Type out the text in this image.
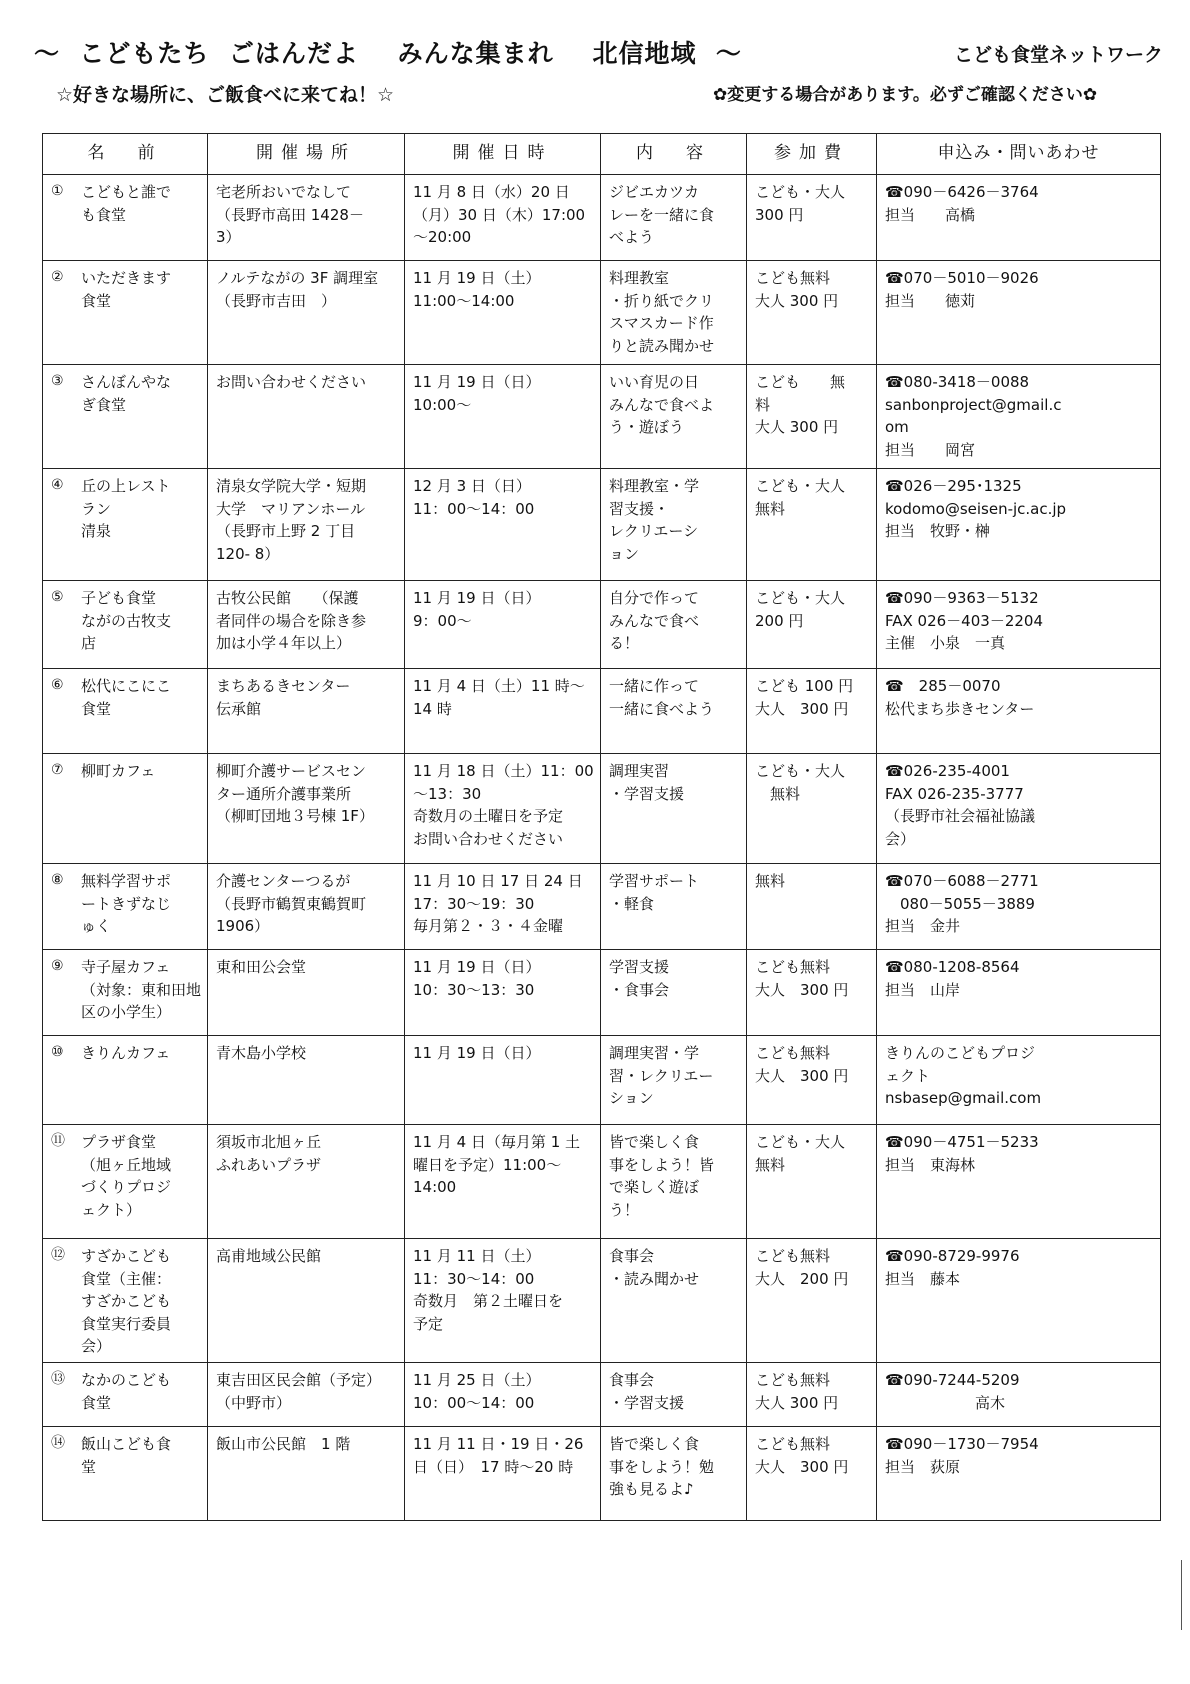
～  こどもたち  ごはんだよ    みんな集まれ    北信地域  ～	こども食堂ネットワーク
☆好きな場所に、ご飯食べに来てね！☆	✿変更する場合があります。必ずご確認ください✿
名　前	開催場所	開催日時	内　容	参加費	申込み・問いあわせ
① こどもと誰で
も食堂	宅老所おいでなして
（長野市高田 1428－
3）	11 月 8 日（水）20 日
（月）30 日（木）17:00
～20:00	ジビエカツカ
レーを一緒に食
べよう	こども・大人
300 円	☎090－6426－3764
担当　　高橋

② いただきます
食堂	ノルテながの 3F 調理室
（長野市吉田　）	11 月 19 日（土）
11:00～14:00	料理教室
・折り紙でクリ
スマスカード作
りと読み聞かせ	こども無料
大人 300 円	☎070－5010－9026
担当　　徳苅

③ さんぼんやな
ぎ食堂	お問い合わせください	11 月 19 日（日）
10:00～	いい育児の日
みんなで食べよ
う・遊ぼう	こども　　無
料
大人 300 円	☎080-3418－0088
sanbonproject@gmail.c
om
担当　　岡宮

④ 丘の上レスト
ラン
清泉	清泉女学院大学・短期
大学　マリアンホール
（長野市上野 2 丁目
120- 8）	12 月 3 日（日）
11：00～14：00	料理教室・学
習支援・
レクリエーシ
ョン	こども・大人
無料	☎026－295･1325
kodomo@seisen-jc.ac.jp
担当　牧野・榊

⑤ 子ども食堂
ながの古牧支
店	古牧公民館　　（保護
者同伴の場合を除き参
加は小学４年以上）	11 月 19 日（日）
9：00～	自分で作って
みんなで食べ
る！	こども・大人
200 円	☎090－9363－5132
FAX 026－403－2204
主催　小泉　一真

⑥ 松代にこにこ
食堂	まちあるきセンター
伝承館	11 月 4 日（土）11 時～
14 時	一緒に作って
一緒に食べよう	こども 100 円
大人　300 円	☎　285－0070
松代まち歩きセンター

⑦ 柳町カフェ	柳町介護サービスセン
ター通所介護事業所
（柳町団地３号棟 1F）	11 月 18 日（土）11：00
～13：30
奇数月の土曜日を予定
お問い合わせください	調理実習
・学習支援	こども・大人
　無料	☎026-235-4001
FAX 026-235-3777
（長野市社会福祉協議
会）

⑧ 無料学習サポ
ートきずなじ
ゅく	介護センターつるが
（長野市鶴賀東鶴賀町
1906）	11 月 10 日 17 日 24 日
17：30～19：30
毎月第２・３・４金曜	学習サポート
・軽食	無料	☎070－6088－2771
　080－5055－3889
担当　金井

⑨ 寺子屋カフェ
（対象：東和田地
区の小学生）	東和田公会堂	11 月 19 日（日）
10：30～13：30	学習支援
・食事会	こども無料
大人　300 円	☎080-1208-8564
担当　山岸

⑩ きりんカフェ	青木島小学校	11 月 19 日（日）	調理実習・学
習・レクリエー
ション	こども無料
大人　300 円	きりんのこどもプロジ
ェクト
nsbasep@gmail.com

⑪ プラザ食堂
（旭ヶ丘地域
づくりプロジ
ェクト）	須坂市北旭ヶ丘
ふれあいプラザ	11 月 4 日（毎月第 1 土
曜日を予定）11:00～
14:00	皆で楽しく食
事をしよう！皆
で楽しく遊ぼ
う！	こども・大人
無料	☎090－4751－5233
担当　東海林

⑫ すざかこども
食堂（主催：
すざかこども
食堂実行委員
会）	高甫地域公民館	11 月 11 日（土）
11：30～14：00
奇数月　第２土曜日を
予定	食事会
・読み聞かせ	こども無料
大人　200 円	☎090-8729-9976
担当　藤本

⑬ なかのこども
食堂	東吉田区民会館（予定）
（中野市）	11 月 25 日（土）
10：00～14：00	食事会
・学習支援	こども無料
大人 300 円	☎090-7244-5209
　　　　　　高木

⑭ 飯山こども食
堂	飯山市公民館　1 階	11 月 11 日・19 日・26
日（日）　17 時～20 時	皆で楽しく食
事をしよう！勉
強も見るよ♪	こども無料
大人　300 円	☎090－1730－7954
担当　荻原
